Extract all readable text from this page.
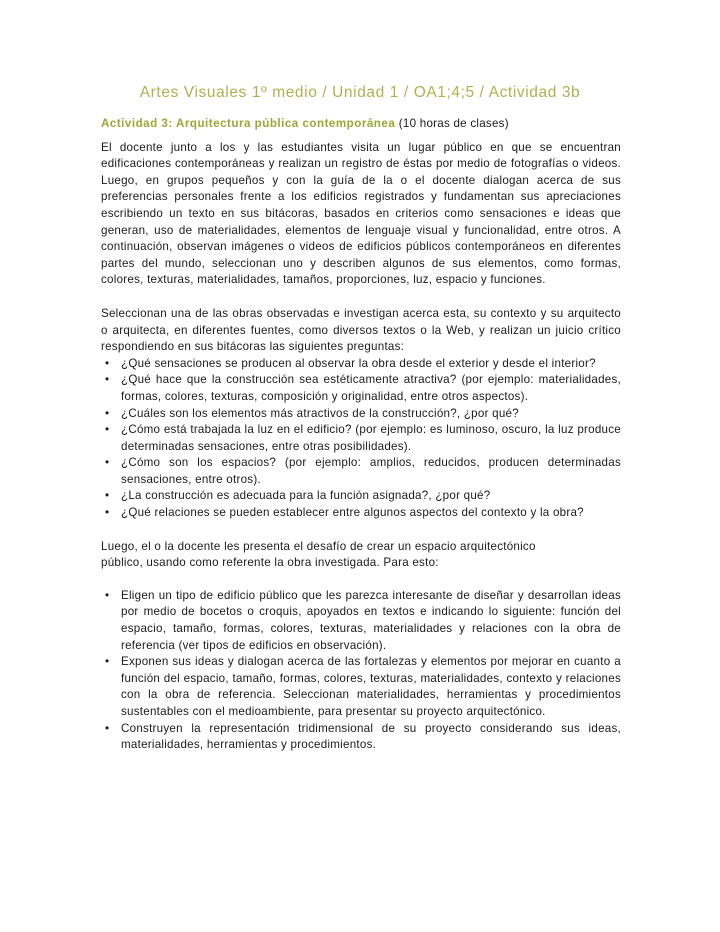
Artes Visuales 1º medio / Unidad 1 / OA1;4;5 / Actividad 3b
Actividad 3: Arquitectura pública contemporánea (10 horas de clases)

El docente junto a los y las estudiantes visita un lugar público en que se encuentran edificaciones contemporáneas y realizan un registro de éstas por medio de fotografías o videos. Luego, en grupos pequeños y con la guía de la o el docente dialogan acerca de sus preferencias personales frente a los edificios registrados y fundamentan sus apreciaciones escribiendo un texto en sus bitácoras, basados en criterios como sensaciones e ideas que generan, uso de materialidades, elementos de lenguaje visual y funcionalidad, entre otros. A continuación, observan imágenes o videos de edificios públicos contemporáneos en diferentes partes del mundo, seleccionan uno y describen algunos de sus elementos, como formas, colores, texturas, materialidades, tamaños, proporciones, luz, espacio y funciones.

Seleccionan una de las obras observadas e investigan acerca esta, su contexto y su arquitecto o arquitecta, en diferentes fuentes, como diversos textos o la Web, y realizan un juicio crítico respondiendo en sus bitácoras las siguientes preguntas:

• ¿Qué sensaciones se producen al observar la obra desde el exterior y desde el interior?
• ¿Qué hace que la construcción sea estéticamente atractiva? (por ejemplo: materialidades, formas, colores, texturas, composición y originalidad, entre otros aspectos).
• ¿Cuáles son los elementos más atractivos de la construcción?, ¿por qué?
• ¿Cómo está trabajada la luz en el edificio? (por ejemplo: es luminoso, oscuro, la luz produce determinadas sensaciones, entre otras posibilidades).
• ¿Cómo son los espacios? (por ejemplo: amplios, reducidos, producen determinadas sensaciones, entre otros).
• ¿La construcción es adecuada para la función asignada?, ¿por qué?
• ¿Qué relaciones se pueden establecer entre algunos aspectos del contexto y la obra?

Luego, el o la docente les presenta el desafío de crear un espacio arquitectónico público, usando como referente la obra investigada. Para esto:

• Eligen un tipo de edificio público que les parezca interesante de diseñar y desarrollan ideas por medio de bocetos o croquis, apoyados en textos e indicando lo siguiente: función del espacio, tamaño, formas, colores, texturas, materialidades y relaciones con la obra de referencia (ver tipos de edificios en observación).
• Exponen sus ideas y dialogan acerca de las fortalezas y elementos por mejorar en cuanto a función del espacio, tamaño, formas, colores, texturas, materialidades, contexto y relaciones con la obra de referencia. Seleccionan materialidades, herramientas y procedimientos sustentables con el medioambiente, para presentar su proyecto arquitectónico.
• Construyen la representación tridimensional de su proyecto considerando sus ideas, materialidades, herramientas y procedimientos.
